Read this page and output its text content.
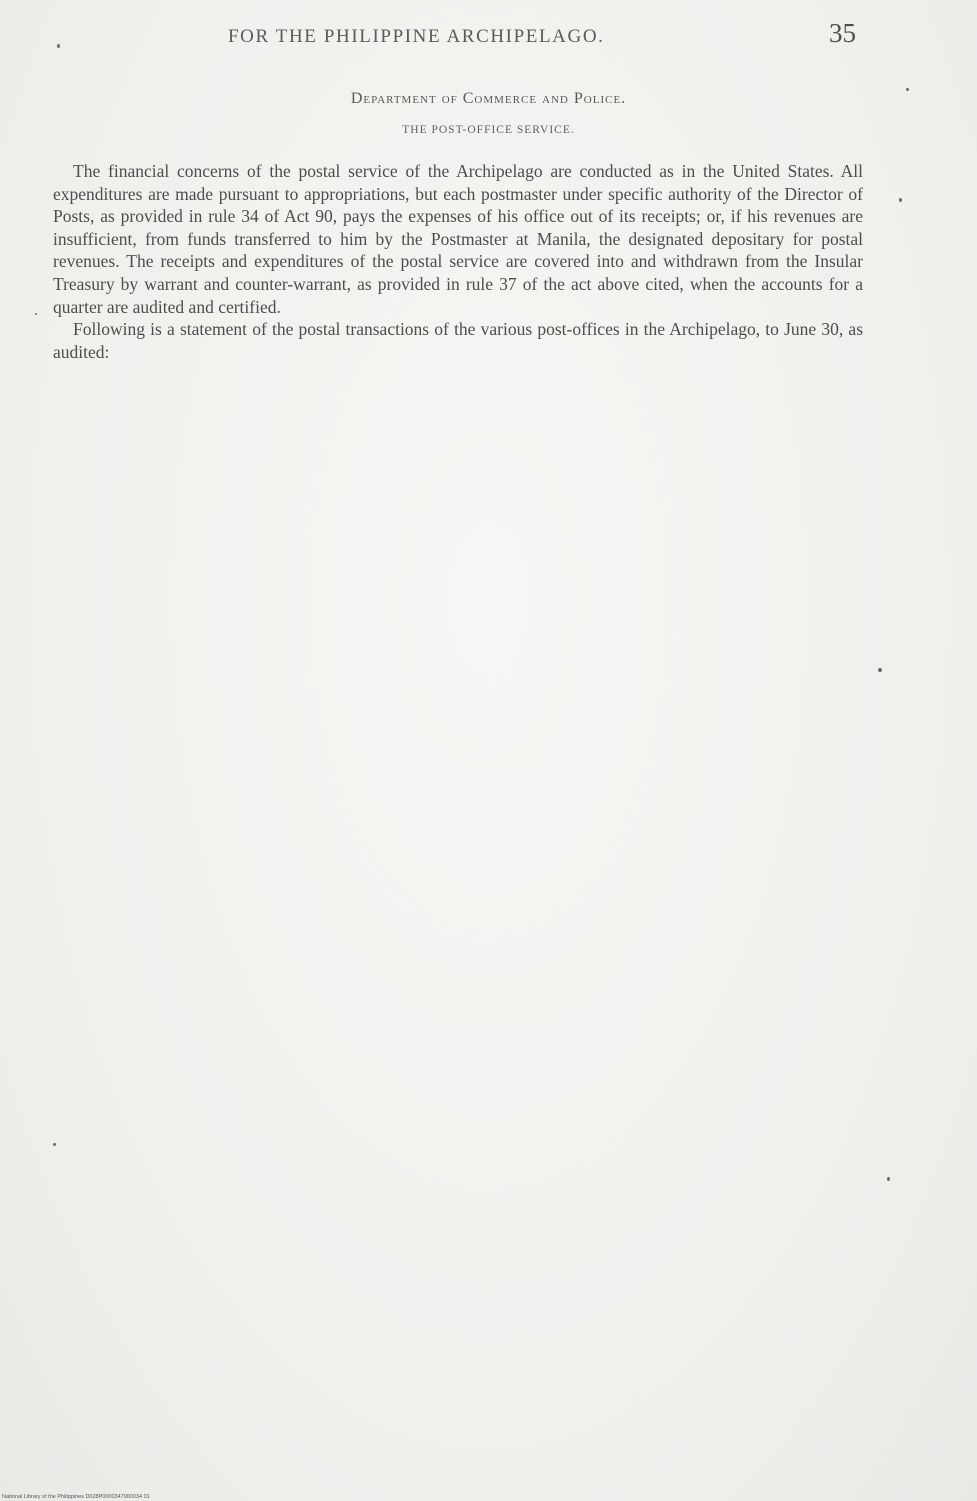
FOR THE PHILIPPINE ARCHIPELAGO.	35
Department of Commerce and Police.
THE POST-OFFICE SERVICE.

The financial concerns of the postal service of the Archipelago are conducted as in the United States. All expenditures are made pursuant to appropriations, but each postmaster under specific authority of the Director of Posts, as provided in rule 34 of Act 90, pays the expenses of his office out of its receipts; or, if his revenues are insufficient, from funds transferred to him by the Postmaster at Manila, the designated depositary for postal revenues. The receipts and expenditures of the postal service are covered into and withdrawn from the Insular Treasury by warrant and counter-warrant, as provided in rule 37 of the act above cited, when the accounts for a quarter are audited and certified.

Following is a statement of the postal transactions of the various post-offices in the Archipelago, to June 30, as audited:

National Library of the Philippines D028P0000347900034 01
